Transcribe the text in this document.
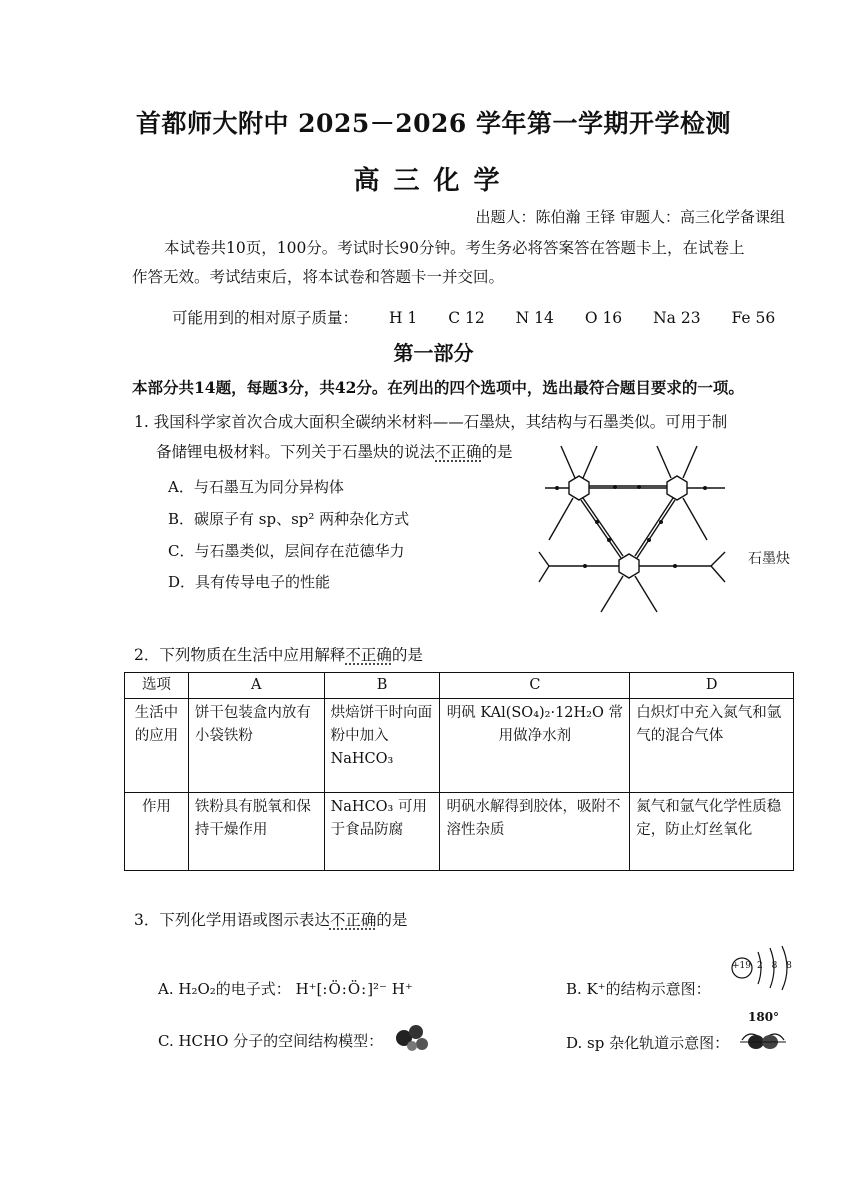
首都师大附中 2025－2026 学年第一学期开学检测
高三化学
出题人：陈伯瀚 王铎 审题人：高三化学备课组
本试卷共10页，100分。考试时长90分钟。考生务必将答案答在答题卡上，在试卷上
作答无效。考试结束后，将本试卷和答题卡一并交回。
可能用到的相对原子质量： H 1 C 12 N 14 O 16 Na 23 Fe 56
第一部分
本部分共14题，每题3分，共42分。在列出的四个选项中，选出最符合题目要求的一项。
1. 我国科学家首次合成大面积全碳纳米材料——石墨炔，其结构与石墨类似。可用于制
备储锂电极材料。下列关于石墨炔的说法不正确的是
A．与石墨互为同分异构体
B．碳原子有 sp、sp² 两种杂化方式
C．与石墨类似，层间存在范德华力
D．具有传导电子的性能
石墨炔
2．下列物质在生活中应用解释不正确的是
选项	A	B	C	D
生活中的应用	饼干包装盒内放有小袋铁粉	烘焙饼干时向面粉中加入 NaHCO₃	明矾 KAl(SO₄)₂·12H₂O 常用做净水剂	白炽灯中充入氮气和氩气的混合气体
作用	铁粉具有脱氧和保持干燥作用	NaHCO₃ 可用于食品防腐	明矾水解得到胶体，吸附不溶性杂质	氮气和氩气化学性质稳定，防止灯丝氧化
3．下列化学用语或图示表达不正确的是
A. H₂O₂的电子式： H⁺[:Ö:Ö:]²⁻ H⁺	B. K⁺的结构示意图：
+19 2 8 8
C. HCHO 分子的空间结构模型：	D. sp 杂化轨道示意图：
180°
